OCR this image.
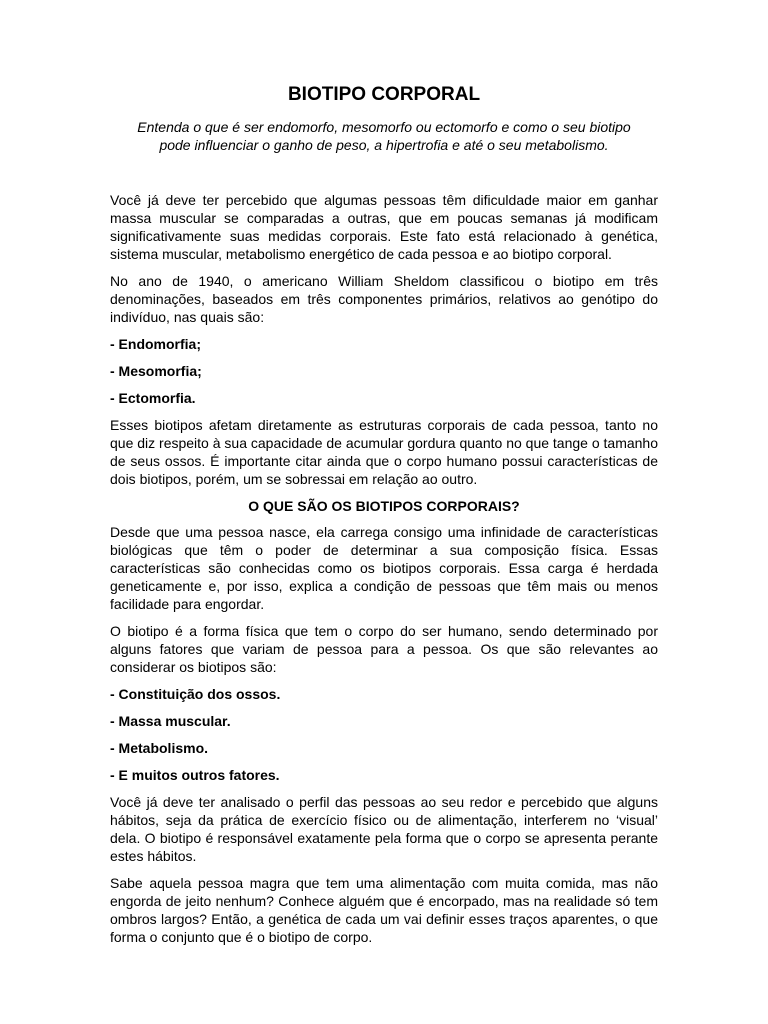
BIOTIPO CORPORAL
Entenda o que é ser endomorfo, mesomorfo ou ectomorfo e como o seu biotipo pode influenciar o ganho de peso, a hipertrofia e até o seu metabolismo.

Você já deve ter percebido que algumas pessoas têm dificuldade maior em ganhar massa muscular se comparadas a outras, que em poucas semanas já modificam significativamente suas medidas corporais. Este fato está relacionado à genética, sistema muscular, metabolismo energético de cada pessoa e ao biotipo corporal.

No ano de 1940, o americano William Sheldom classificou o biotipo em três denominações, baseados em três componentes primários, relativos ao genótipo do indivíduo, nas quais são:

- Endomorfia;

- Mesomorfia;

- Ectomorfia.

Esses biotipos afetam diretamente as estruturas corporais de cada pessoa, tanto no que diz respeito à sua capacidade de acumular gordura quanto no que tange o tamanho de seus ossos. É importante citar ainda que o corpo humano possui características de dois biotipos, porém, um se sobressai em relação ao outro.

O QUE SÃO OS BIOTIPOS CORPORAIS?

Desde que uma pessoa nasce, ela carrega consigo uma infinidade de características biológicas que têm o poder de determinar a sua composição física. Essas características são conhecidas como os biotipos corporais. Essa carga é herdada geneticamente e, por isso, explica a condição de pessoas que têm mais ou menos facilidade para engordar.

O biotipo é a forma física que tem o corpo do ser humano, sendo determinado por alguns fatores que variam de pessoa para a pessoa. Os que são relevantes ao considerar os biotipos são:

- Constituição dos ossos.

- Massa muscular.

- Metabolismo.

- E muitos outros fatores.

Você já deve ter analisado o perfil das pessoas ao seu redor e percebido que alguns hábitos, seja da prática de exercício físico ou de alimentação, interferem no ‘visual’ dela. O biotipo é responsável exatamente pela forma que o corpo se apresenta perante estes hábitos.

Sabe aquela pessoa magra que tem uma alimentação com muita comida, mas não engorda de jeito nenhum? Conhece alguém que é encorpado, mas na realidade só tem ombros largos? Então, a genética de cada um vai definir esses traços aparentes, o que forma o conjunto que é o biotipo de corpo.
